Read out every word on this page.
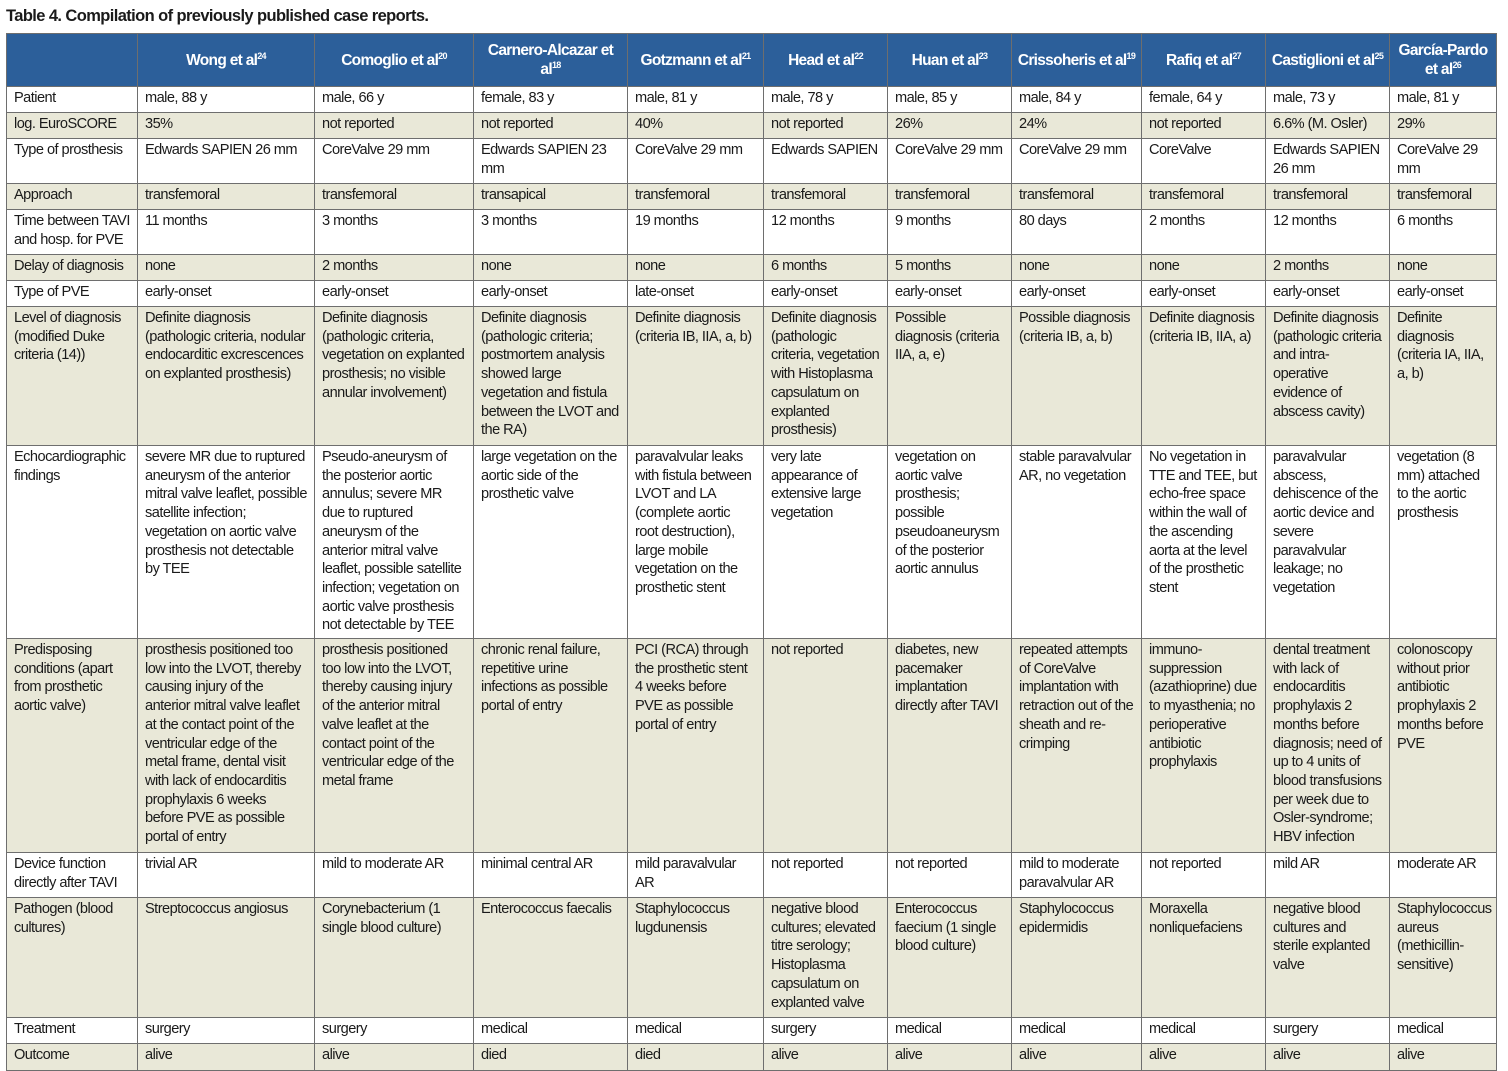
Table 4. Compilation of previously published case reports.
	Wong et $al^{24}$	Comoglio et $al^{20}$	Carnero-Alcazar et $al^{18}$	Gotzmann et $al^{21}$	Head et $al^{22}$	Huan et $al^{23}$	Crissoheris et $al^{19}$	Rafiq et $al^{27}$	Castiglioni et $al^{25}$	García-Pardo et $al^{26}$
Patient	male, 88 y	male, 66 y	female, 83 y	male, 81 y	male, 78 y	male, 85 y	male, 84 y	female, 64 y	male, 73 y	male, 81 y
log. EuroSCORE	35%	not reported	not reported	40%	not reported	26%	24%	not reported	6.6% (M. Osler)	29%
Type of prosthesis	Edwards SAPIEN 26 mm	CoreValve 29 mm	Edwards SAPIEN 23 mm	CoreValve 29 mm	Edwards SAPIEN	CoreValve 29 mm	CoreValve 29 mm	CoreValve	Edwards SAPIEN 26 mm	CoreValve 29 mm
Approach	transfemoral	transfemoral	transapical	transfemoral	transfemoral	transfemoral	transfemoral	transfemoral	transfemoral	transfemoral
Time between TAVI and hosp. for PVE	11 months	3 months	3 months	19 months	12 months	9 months	80 days	2 months	12 months	6 months
Delay of diagnosis	none	2 months	none	none	6 months	5 months	none	none	2 months	none
Type of PVE	early-onset	early-onset	early-onset	late-onset	early-onset	early-onset	early-onset	early-onset	early-onset	early-onset
Level of diagnosis (modified Duke criteria (14))	Definite diagnosis (pathologic criteria, nodular endocarditic excrescences on explanted prosthesis)	Definite diagnosis (pathologic criteria, vegetation on explanted prosthesis; no visible annular involvement)	Definite diagnosis (pathologic criteria; postmortem analysis showed large vegetation and fistula between the LVOT and the RA)	Definite diagnosis (criteria IB, IIA, a, b)	Definite diagnosis (pathologic criteria, vegetation with Histoplasma capsulatum on explanted prosthesis)	Possible diagnosis (criteria IIA, a, e)	Possible diagnosis (criteria IB, a, b)	Definite diagnosis (criteria IB, IIA, a)	Definite diagnosis (pathologic criteria and intra-operative evidence of abscess cavity)	Definite diagnosis (criteria IA, IIA, a, b)
Echocardiographic findings	severe MR due to ruptured aneurysm of the anterior mitral valve leaflet, possible satellite infection; vegetation on aortic valve prosthesis not detectable by TEE	Pseudo-aneurysm of the posterior aortic annulus; severe MR due to ruptured aneurysm of the anterior mitral valve leaflet, possible satellite infection; vegetation on aortic valve prosthesis not detectable by TEE	large vegetation on the aortic side of the prosthetic valve	paravalvular leaks with fistula between LVOT and LA (complete aortic root destruction), large mobile vegetation on the prosthetic stent	very late appearance of extensive large vegetation	vegetation on aortic valve prosthesis; possible pseudoaneurysm of the posterior aortic annulus	stable paravalvular AR, no vegetation	No vegetation in TTE and TEE, but echo-free space within the wall of the ascending aorta at the level of the prosthetic stent	paravalvular abscess, dehiscence of the aortic device and severe paravalvular leakage; no vegetation	vegetation (8 mm) attached to the aortic prosthesis
Predisposing conditions (apart from prosthetic aortic valve)	prosthesis positioned too low into the LVOT, thereby causing injury of the anterior mitral valve leaflet at the contact point of the ventricular edge of the metal frame, dental visit with lack of endocarditis prophylaxis 6 weeks before PVE as possible portal of entry	prosthesis positioned too low into the LVOT, thereby causing injury of the anterior mitral valve leaflet at the contact point of the ventricular edge of the metal frame	chronic renal failure, repetitive urine infections as possible portal of entry	PCI (RCA) through the prosthetic stent 4 weeks before PVE as possible portal of entry	not reported	diabetes, new pacemaker implantation directly after TAVI	repeated attempts of CoreValve implantation with retraction out of the sheath and re-crimping	immuno-suppression (azathioprine) due to myasthenia; no perioperative antibiotic prophylaxis	dental treatment with lack of endocarditis prophylaxis 2 months before diagnosis; need of up to 4 units of blood transfusions per week due to Osler-syndrome; HBV infection	colonoscopy without prior antibiotic prophylaxis 2 months before PVE
Device function directly after TAVI	trivial AR	mild to moderate AR	minimal central AR	mild paravalvular AR	not reported	not reported	mild to moderate paravalvular AR	not reported	mild AR	moderate AR
Pathogen (blood cultures)	Streptococcus angiosus	Corynebacterium (1 single blood culture)	Enterococcus faecalis	Staphylococcus lugdunensis	negative blood cultures; elevated titre serology; Histoplasma capsulatum on explanted valve	Enterococcus faecium (1 single blood culture)	Staphylococcus epidermidis	Moraxella nonliquefaciens	negative blood cultures and sterile explanted valve	Staphylococcus aureus (methicillin-sensitive)
Treatment	surgery	surgery	medical	medical	surgery	medical	medical	medical	surgery	medical
Outcome	alive	alive	died	died	alive	alive	alive	alive	alive	alive
